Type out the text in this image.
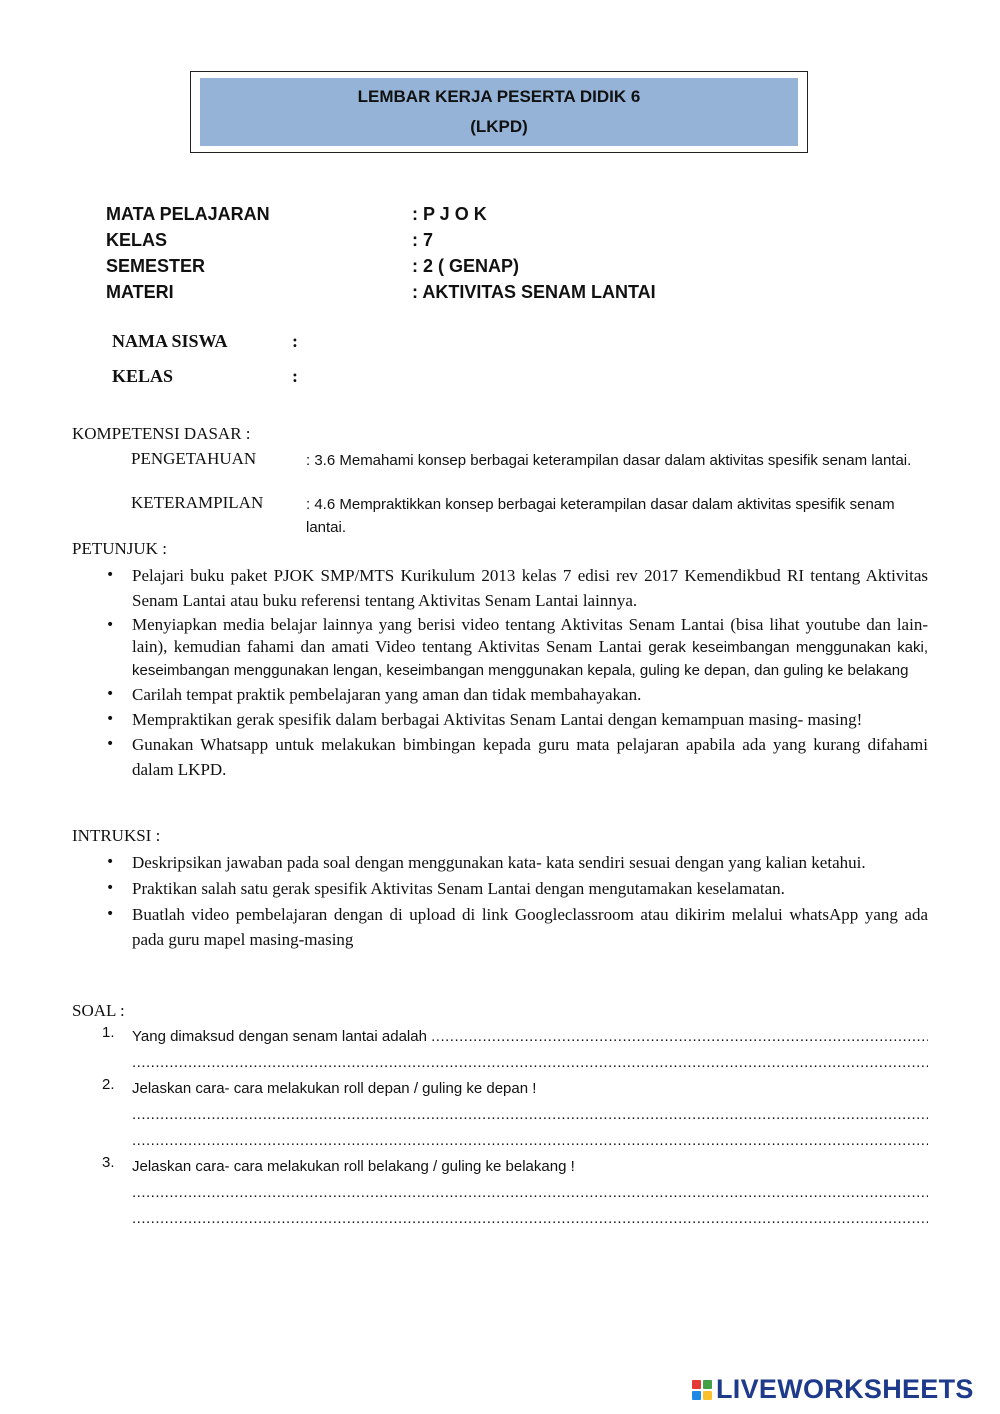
LEMBAR KERJA PESERTA DIDIK 6
(LKPD)
MATA PELAJARAN	: P J O K
KELAS	: 7
SEMESTER	: 2 ( GENAP)
MATERI	: AKTIVITAS SENAM LANTAI
NAMA SISWA	:
KELAS	:
KOMPETENSI DASAR :
PENGETAHUAN	: 3.6 Memahami konsep berbagai keterampilan dasar dalam aktivitas spesifik senam lantai.
KETERAMPILAN	: 4.6 Mempraktikkan konsep berbagai keterampilan dasar dalam aktivitas spesifik senam lantai.
PETUNJUK :
• Pelajari buku paket PJOK SMP/MTS Kurikulum 2013 kelas 7 edisi rev 2017 Kemendikbud RI tentang Aktivitas Senam Lantai atau buku referensi tentang Aktivitas Senam Lantai lainnya.
• Menyiapkan media belajar lainnya yang berisi video tentang Aktivitas Senam Lantai (bisa lihat youtube dan lain- lain), kemudian fahami dan amati Video tentang Aktivitas Senam Lantai gerak keseimbangan menggunakan kaki, keseimbangan menggunakan lengan, keseimbangan menggunakan kepala, guling ke depan, dan guling ke belakang
• Carilah tempat praktik pembelajaran yang aman dan tidak membahayakan.
• Mempraktikan gerak spesifik dalam berbagai Aktivitas Senam Lantai dengan kemampuan masing- masing!
• Gunakan Whatsapp untuk melakukan bimbingan kepada guru mata pelajaran apabila ada yang kurang difahami dalam LKPD.
INTRUKSI :
• Deskripsikan jawaban pada soal dengan menggunakan kata- kata sendiri sesuai dengan yang kalian ketahui.
• Praktikan salah satu gerak spesifik Aktivitas Senam Lantai dengan mengutamakan keselamatan.
• Buatlah video pembelajaran dengan di upload di link Googleclassroom atau dikirim melalui whatsApp yang ada pada guru mapel masing-masing
SOAL :
1. Yang dimaksud dengan senam lantai adalah

.....
.....
2. Jelaskan cara- cara melakukan roll depan / guling ke depan !
.....
.....
3. Jelaskan cara- cara melakukan roll belakang / guling ke belakang !
.....
.....
LIVEWORKSHEETS
